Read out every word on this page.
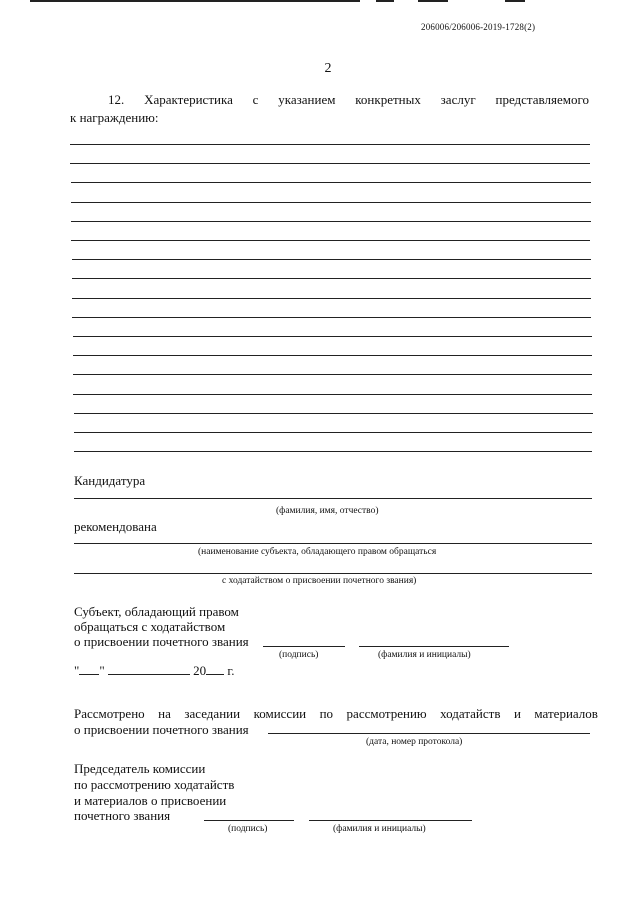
206006/206006-2019-1728(2)
2
12. Характеристика с указанием конкретных заслуг представляемого
к награждению:
Кандидатура
(фамилия, имя, отчество)
рекомендована
(наименование субъекта, обладающего правом обращаться
с ходатайством о присвоении почетного звания)
Субъект, обладающий правом
обращаться с ходатайством
о присвоении почетного звания
(подпись)	(фамилия и инициалы)
" "	20 г.
Рассмотрено на заседании комиссии по рассмотрению ходатайств и материалов
о присвоении почетного звания
(дата, номер протокола)
Председатель комиссии
по рассмотрению ходатайств
и материалов о присвоении
почетного звания
(подпись)	(фамилия и инициалы)
